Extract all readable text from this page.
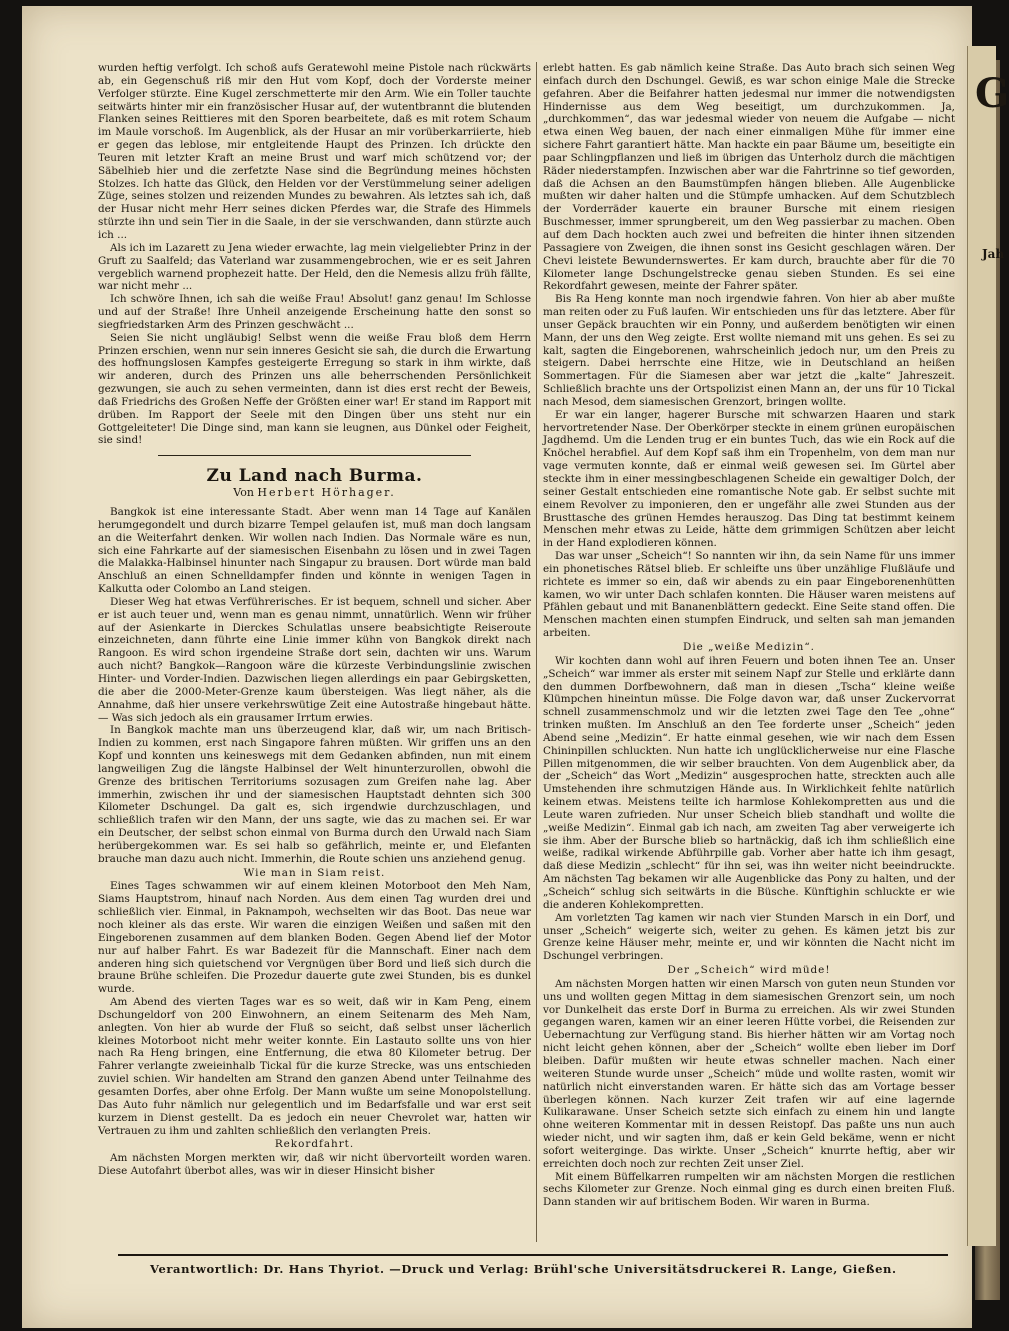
G
Jah

wurden heftig verfolgt. Ich schoß aufs Geratewohl meine Pistole nach rückwärts ab, ein Gegenschuß riß mir den Hut vom Kopf, doch der Vorderste meiner Verfolger stürzte. Eine Kugel zerschmetterte mir den Arm. Wie ein Toller tauchte seitwärts hinter mir ein französischer Husar auf, der wutentbrannt die blutenden Flanken seines Reittieres mit den Sporen bearbeitete, daß es mit rotem Schaum im Maule vorschoß. Im Augenblick, als der Husar an mir vorüberkarriierte, hieb er gegen das leblose, mir entgleitende Haupt des Prinzen. Ich drückte den Teuren mit letzter Kraft an meine Brust und warf mich schützend vor; der Säbelhieb hier und die zerfetzte Nase sind die Begründung meines höchsten Stolzes. Ich hatte das Glück, den Helden vor der Verstümmelung seiner adeligen Züge, seines stolzen und reizenden Mundes zu bewahren. Als letztes sah ich, daß der Husar nicht mehr Herr seines dicken Pferdes war, die Strafe des Himmels stürzte ihn und sein Tier in die Saale, in der sie verschwanden, dann stürzte auch ich ...

Als ich im Lazarett zu Jena wieder erwachte, lag mein vielgeliebter Prinz in der Gruft zu Saalfeld; das Vaterland war zusammengebrochen, wie er es seit Jahren vergeblich warnend prophezeit hatte. Der Held, den die Nemesis allzu früh fällte, war nicht mehr ...

Ich schwöre Ihnen, ich sah die weiße Frau! Absolut! ganz genau! Im Schlosse und auf der Straße! Ihre Unheil anzeigende Erscheinung hatte den sonst so siegfriedstarken Arm des Prinzen geschwächt ...

Seien Sie nicht ungläubig! Selbst wenn die weiße Frau bloß dem Herrn Prinzen erschien, wenn nur sein inneres Gesicht sie sah, die durch die Erwartung des hoffnungslosen Kampfes gesteigerte Erregung so stark in ihm wirkte, daß wir anderen, durch des Prinzen uns alle beherrschenden Persönlichkeit gezwungen, sie auch zu sehen vermeinten, dann ist dies erst recht der Beweis, daß Friedrichs des Großen Neffe der Größten einer war! Er stand im Rapport mit drüben. Im Rapport der Seele mit den Dingen über uns steht nur ein Gottgeleiteter! Die Dinge sind, man kann sie leugnen, aus Dünkel oder Feigheit, sie sind!

Zu Land nach Burma.
Von Herbert Hörhager.

Bangkok ist eine interessante Stadt. Aber wenn man 14 Tage auf Kanälen herumgegondelt und durch bizarre Tempel gelaufen ist, muß man doch langsam an die Weiterfahrt denken. Wir wollen nach Indien. Das Normale wäre es nun, sich eine Fahrkarte auf der siamesischen Eisenbahn zu lösen und in zwei Tagen die Malakka-Halbinsel hinunter nach Singapur zu brausen. Dort würde man bald Anschluß an einen Schnelldampfer finden und könnte in wenigen Tagen in Kalkutta oder Colombo an Land steigen.

Dieser Weg hat etwas Verführerisches. Er ist bequem, schnell und sicher. Aber er ist auch teuer und, wenn man es genau nimmt, unnatürlich. Wenn wir früher auf der Asienkarte in Dierckes Schulatlas unsere beabsichtigte Reiseroute einzeichneten, dann führte eine Linie immer kühn von Bangkok direkt nach Rangoon. Es wird schon irgendeine Straße dort sein, dachten wir uns. Warum auch nicht? Bangkok—Rangoon wäre die kürzeste Verbindungslinie zwischen Hinter- und Vorder-Indien. Dazwischen liegen allerdings ein paar Gebirgsketten, die aber die 2000-Meter-Grenze kaum übersteigen. Was liegt näher, als die Annahme, daß hier unsere verkehrswütige Zeit eine Autostraße hingebaut hätte. — Was sich jedoch als ein grausamer Irrtum erwies.

In Bangkok machte man uns überzeugend klar, daß wir, um nach Britisch-Indien zu kommen, erst nach Singapore fahren müßten. Wir griffen uns an den Kopf und konnten uns keineswegs mit dem Gedanken abfinden, nun mit einem langweiligen Zug die längste Halbinsel der Welt hinunterzurollen, obwohl die Grenze des britischen Territoriums sozusagen zum Greifen nahe lag. Aber immerhin, zwischen ihr und der siamesischen Hauptstadt dehnten sich 300 Kilometer Dschungel. Da galt es, sich irgendwie durchzuschlagen, und schließlich trafen wir den Mann, der uns sagte, wie das zu machen sei. Er war ein Deutscher, der selbst schon einmal von Burma durch den Urwald nach Siam herübergekommen war. Es sei halb so gefährlich, meinte er, und Elefanten brauche man dazu auch nicht. Immerhin, die Route schien uns anziehend genug.

Wie man in Siam reist.

Eines Tages schwammen wir auf einem kleinen Motorboot den Meh Nam, Siams Hauptstrom, hinauf nach Norden. Aus dem einen Tag wurden drei und schließlich vier. Einmal, in Paknampoh, wechselten wir das Boot. Das neue war noch kleiner als das erste. Wir waren die einzigen Weißen und saßen mit den Eingeborenen zusammen auf dem blanken Boden. Gegen Abend lief der Motor nur auf halber Fahrt. Es war Badezeit für die Mannschaft. Einer nach dem anderen hing sich quietschend vor Vergnügen über Bord und ließ sich durch die braune Brühe schleifen. Die Prozedur dauerte gute zwei Stunden, bis es dunkel wurde.

Am Abend des vierten Tages war es so weit, daß wir in Kam Peng, einem Dschungeldorf von 200 Einwohnern, an einem Seitenarm des Meh Nam, anlegten. Von hier ab wurde der Fluß so seicht, daß selbst unser lächerlich kleines Motorboot nicht mehr weiter konnte. Ein Lastauto sollte uns von hier nach Ra Heng bringen, eine Entfernung, die etwa 80 Kilometer betrug. Der Fahrer verlangte zweieinhalb Tickal für die kurze Strecke, was uns entschieden zuviel schien. Wir handelten am Strand den ganzen Abend unter Teilnahme des gesamten Dorfes, aber ohne Erfolg. Der Mann wußte um seine Monopolstellung. Das Auto fuhr nämlich nur gelegentlich und im Bedarfsfalle und war erst seit kurzem in Dienst gestellt. Da es jedoch ein neuer Chevrolet war, hatten wir Vertrauen zu ihm und zahlten schließlich den verlangten Preis.

Rekordfahrt.

Am nächsten Morgen merkten wir, daß wir nicht übervorteilt worden waren. Diese Autofahrt überbot alles, was wir in dieser Hinsicht bisher

erlebt hatten. Es gab nämlich keine Straße. Das Auto brach sich seinen Weg einfach durch den Dschungel. Gewiß, es war schon einige Male die Strecke gefahren. Aber die Beifahrer hatten jedesmal nur immer die notwendigsten Hindernisse aus dem Weg beseitigt, um durchzukommen. Ja, „durchkommen“, das war jedesmal wieder von neuem die Aufgabe — nicht etwa einen Weg bauen, der nach einer einmaligen Mühe für immer eine sichere Fahrt garantiert hätte. Man hackte ein paar Bäume um, beseitigte ein paar Schlingpflanzen und ließ im übrigen das Unterholz durch die mächtigen Räder niederstampfen. Inzwischen aber war die Fahrtrinne so tief geworden, daß die Achsen an den Baumstümpfen hängen blieben. Alle Augenblicke mußten wir daher halten und die Stümpfe umhacken. Auf dem Schutzblech der Vorderräder kauerte ein brauner Bursche mit einem riesigen Buschmesser, immer sprungbereit, um den Weg passierbar zu machen. Oben auf dem Dach hockten auch zwei und befreiten die hinter ihnen sitzenden Passagiere von Zweigen, die ihnen sonst ins Gesicht geschlagen wären. Der Chevi leistete Bewundernswertes. Er kam durch, brauchte aber für die 70 Kilometer lange Dschungelstrecke genau sieben Stunden. Es sei eine Rekordfahrt gewesen, meinte der Fahrer später.

Bis Ra Heng konnte man noch irgendwie fahren. Von hier ab aber mußte man reiten oder zu Fuß laufen. Wir entschieden uns für das letztere. Aber für unser Gepäck brauchten wir ein Ponny, und außerdem benötigten wir einen Mann, der uns den Weg zeigte. Erst wollte niemand mit uns gehen. Es sei zu kalt, sagten die Eingeborenen, wahrscheinlich jedoch nur, um den Preis zu steigern. Dabei herrschte eine Hitze, wie in Deutschland an heißen Sommertagen. Für die Siamesen aber war jetzt die „kalte“ Jahreszeit. Schließlich brachte uns der Ortspolizist einen Mann an, der uns für 10 Tickal nach Mesod, dem siamesischen Grenzort, bringen wollte.

Er war ein langer, hagerer Bursche mit schwarzen Haaren und stark hervortretender Nase. Der Oberkörper steckte in einem grünen europäischen Jagdhemd. Um die Lenden trug er ein buntes Tuch, das wie ein Rock auf die Knöchel herabfiel. Auf dem Kopf saß ihm ein Tropenhelm, von dem man nur vage vermuten konnte, daß er einmal weiß gewesen sei. Im Gürtel aber steckte ihm in einer messingbeschlagenen Scheide ein gewaltiger Dolch, der seiner Gestalt entschieden eine romantische Note gab. Er selbst suchte mit einem Revolver zu imponieren, den er ungefähr alle zwei Stunden aus der Brusttasche des grünen Hemdes herauszog. Das Ding tat bestimmt keinem Menschen mehr etwas zu Leide, hätte dem grimmigen Schützen aber leicht in der Hand explodieren können.

Das war unser „Scheich“! So nannten wir ihn, da sein Name für uns immer ein phonetisches Rätsel blieb. Er schleifte uns über unzählige Flußläufe und richtete es immer so ein, daß wir abends zu ein paar Eingeborenenhütten kamen, wo wir unter Dach schlafen konnten. Die Häuser waren meistens auf Pfählen gebaut und mit Bananenblättern gedeckt. Eine Seite stand offen. Die Menschen machten einen stumpfen Eindruck, und selten sah man jemanden arbeiten.

Die „weiße Medizin“.

Wir kochten dann wohl auf ihren Feuern und boten ihnen Tee an. Unser „Scheich“ war immer als erster mit seinem Napf zur Stelle und erklärte dann den dummen Dorfbewohnern, daß man in diesen „Tscha“ kleine weiße Klümpchen hineintun müsse. Die Folge davon war, daß unser Zuckervorrat schnell zusammenschmolz und wir die letzten zwei Tage den Tee „ohne“ trinken mußten. Im Anschluß an den Tee forderte unser „Scheich“ jeden Abend seine „Medizin“. Er hatte einmal gesehen, wie wir nach dem Essen Chininpillen schluckten. Nun hatte ich unglücklicherweise nur eine Flasche Pillen mitgenommen, die wir selber brauchten. Von dem Augenblick aber, da der „Scheich“ das Wort „Medizin“ ausgesprochen hatte, streckten auch alle Umstehenden ihre schmutzigen Hände aus. In Wirklichkeit fehlte natürlich keinem etwas. Meistens teilte ich harmlose Kohlekompretten aus und die Leute waren zufrieden. Nur unser Scheich blieb standhaft und wollte die „weiße Medizin“. Einmal gab ich nach, am zweiten Tag aber verweigerte ich sie ihm. Aber der Bursche blieb so hartnäckig, daß ich ihm schließlich eine weiße, radikal wirkende Abführpille gab. Vorher aber hatte ich ihm gesagt, daß diese Medizin „schlecht“ für ihn sei, was ihn weiter nicht beeindruckte. Am nächsten Tag bekamen wir alle Augenblicke das Pony zu halten, und der „Scheich“ schlug sich seitwärts in die Büsche. Künftighin schluckte er wie die anderen Kohlekompretten.

Am vorletzten Tag kamen wir nach vier Stunden Marsch in ein Dorf, und unser „Scheich“ weigerte sich, weiter zu gehen. Es kämen jetzt bis zur Grenze keine Häuser mehr, meinte er, und wir könnten die Nacht nicht im Dschungel verbringen.

Der „Scheich“ wird müde!

Am nächsten Morgen hatten wir einen Marsch von guten neun Stunden vor uns und wollten gegen Mittag in dem siamesischen Grenzort sein, um noch vor Dunkelheit das erste Dorf in Burma zu erreichen. Als wir zwei Stunden gegangen waren, kamen wir an einer leeren Hütte vorbei, die Reisenden zur Uebernachtung zur Verfügung stand. Bis hierher hätten wir am Vortag noch nicht leicht gehen können, aber der „Scheich“ wollte eben lieber im Dorf bleiben. Dafür mußten wir heute etwas schneller machen. Nach einer weiteren Stunde wurde unser „Scheich“ müde und wollte rasten, womit wir natürlich nicht einverstanden waren. Er hätte sich das am Vortage besser überlegen können. Nach kurzer Zeit trafen wir auf eine lagernde Kulikarawane. Unser Scheich setzte sich einfach zu einem hin und langte ohne weiteren Kommentar mit in dessen Reistopf. Das paßte uns nun auch wieder nicht, und wir sagten ihm, daß er kein Geld bekäme, wenn er nicht sofort weiterginge. Das wirkte. Unser „Scheich“ knurrte heftig, aber wir erreichten doch noch zur rechten Zeit unser Ziel.

Mit einem Büffelkarren rumpelten wir am nächsten Morgen die restlichen sechs Kilometer zur Grenze. Noch einmal ging es durch einen breiten Fluß. Dann standen wir auf britischem Boden. Wir waren in Burma.

Verantwortlich: Dr. Hans Thyriot. —Druck und Verlag: Brühl'sche Universitätsdruckerei R. Lange, Gießen.
